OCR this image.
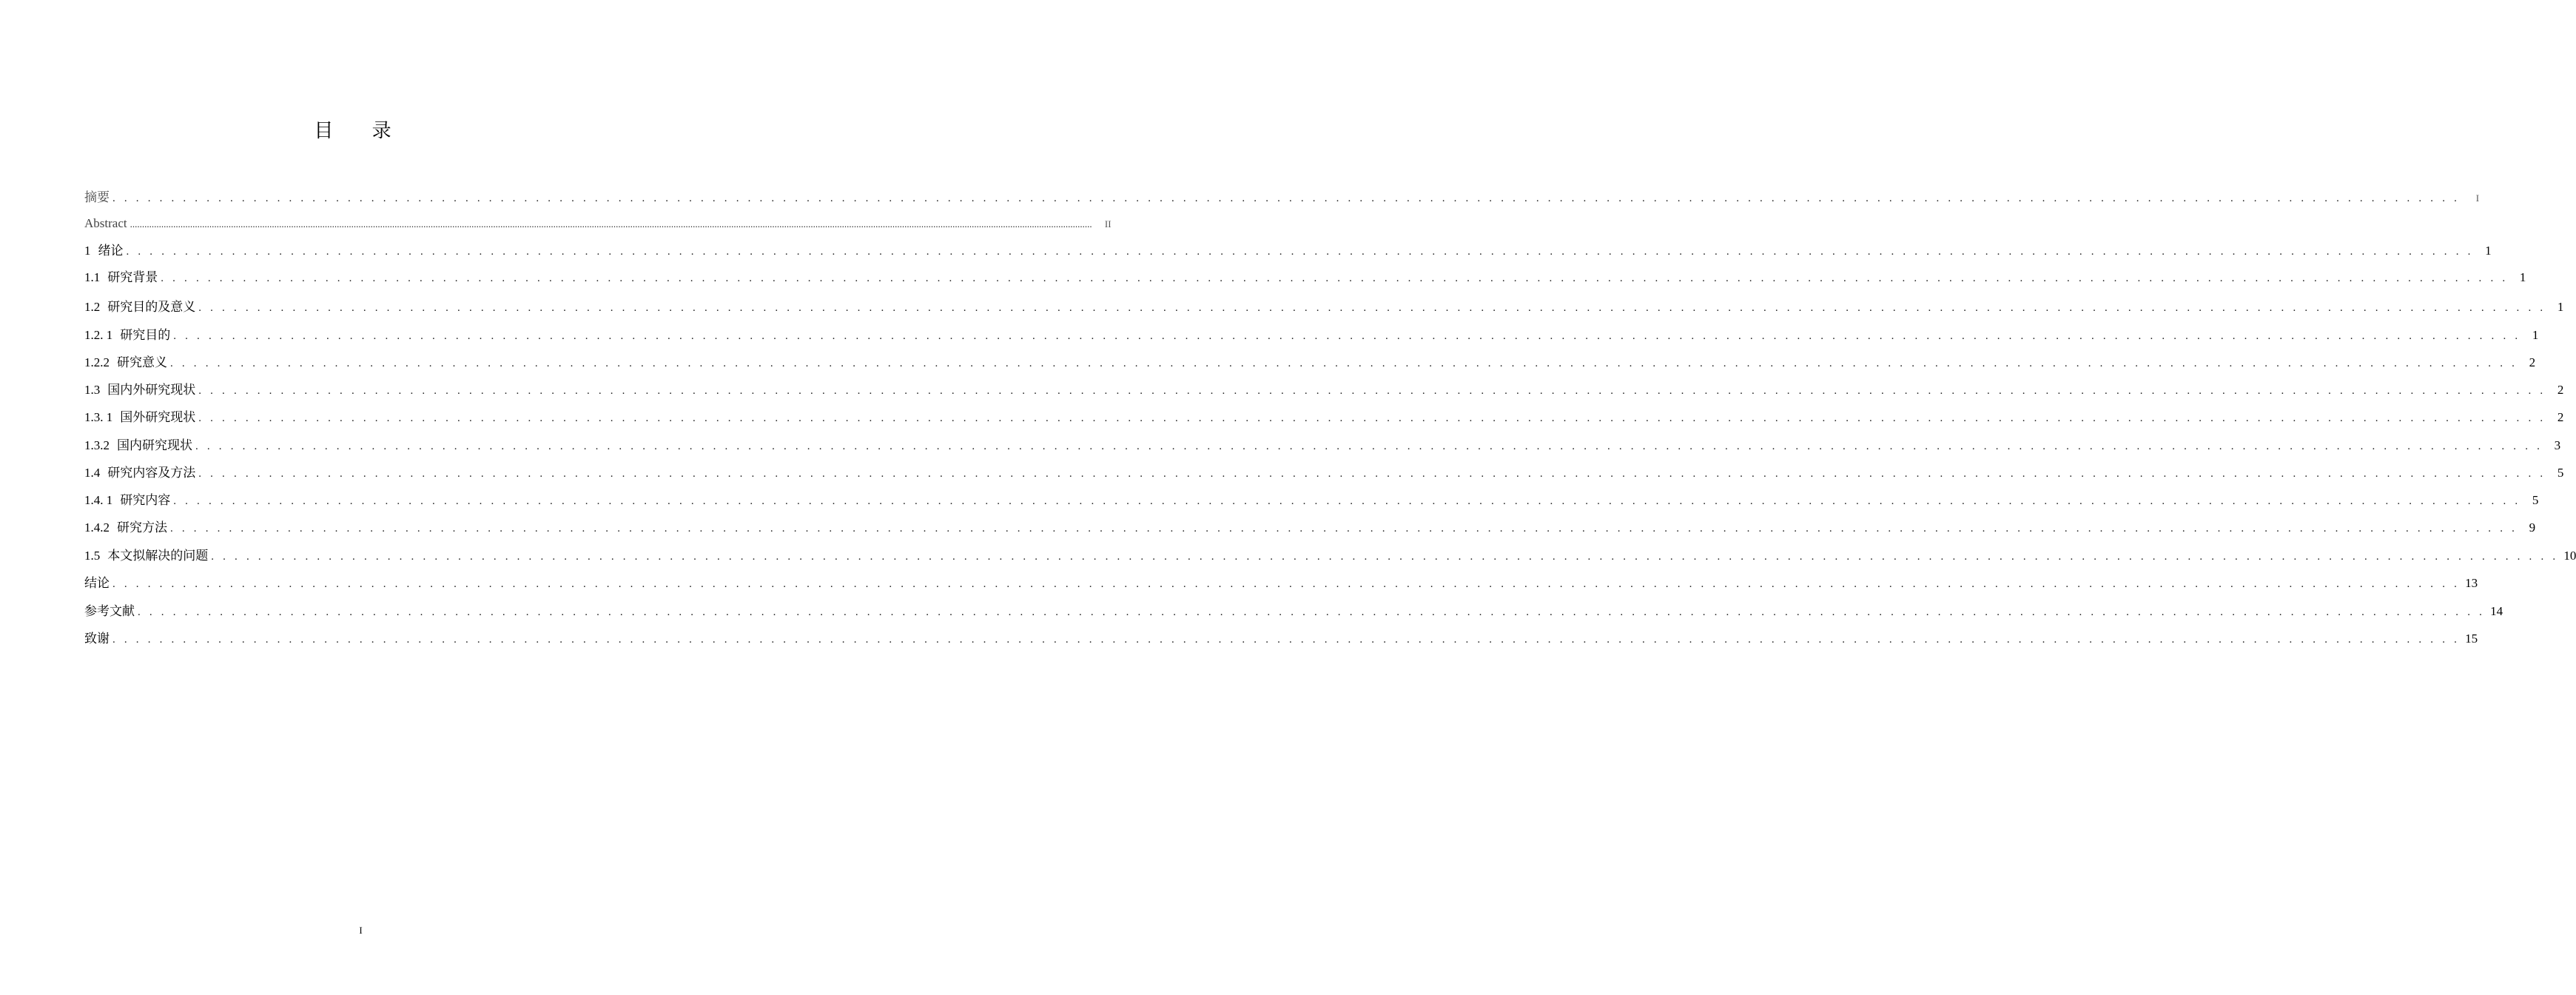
目 录
摘要 . . . . . . . . . . . . . . . . . . . . . . . . . . . . . . . . . . . . . . . . . . . . . . . . . . . . . . . . . . . . . . . . . . . . . . . . . . . . . . . . . . . . . . . . . . . . . . . . . . . . . . . . . . . . . . . . . . . . . . . . . . . . . . . . . . . . . . . . . . . . . . . . . . . . . . . . . . . . . . . . . . . . . . . . . . . . . . . . . . . . . . . . . . . . . . . . . . . . . . . .	I
Abstract ................................................................................................................................................................................................................................................................................................................................................................................................................	II
1 绪论 . . . . . . . . . . . . . . . . . . . . . . . . . . . . . . . . . . . . . . . . . . . . . . . . . . . . . . . . . . . . . . . . . . . . . . . . . . . . . . . . . . . . . . . . . . . . . . . . . . . . . . . . . . . . . . . . . . . . . . . . . . . . . . . . . . . . . . . . . . . . . . . . . . . . . . . . . . . . . . . . . . . . . . . . . . . . . . . . . . . . . . . . . . . . . . . . . . . . . . . . 1
1.1 研究背景 . . . . . . . . . . . . . . . . . . . . . . . . . . . . . . . . . . . . . . . . . . . . . . . . . . . . . . . . . . . . . . . . . . . . . . . . . . . . . . . . . . . . . . . . . . . . . . . . . . . . . . . . . . . . . . . . . . . . . . . . . . . . . . . . . . . . . . . . . . . . . . . . . . . . . . . . . . . . . . . . . . . . . . . . . . . . . . . . . . . . . . . . . . . . . . . . . . . . . . . . 1
1.2 研究目的及意义 . . . . . . . . . . . . . . . . . . . . . . . . . . . . . . . . . . . . . . . . . . . . . . . . . . . . . . . . . . . . . . . . . . . . . . . . . . . . . . . . . . . . . . . . . . . . . . . . . . . . . . . . . . . . . . . . . . . . . . . . . . . . . . . . . . . . . . . . . . . . . . . . . . . . . . . . . . . . . . . . . . . . . . . . . . . . . . . . . . . . . . . . . . . . . . . . . . . . . . . . 1
1.2. 1 研究目的 . . . . . . . . . . . . . . . . . . . . . . . . . . . . . . . . . . . . . . . . . . . . . . . . . . . . . . . . . . . . . . . . . . . . . . . . . . . . . . . . . . . . . . . . . . . . . . . . . . . . . . . . . . . . . . . . . . . . . . . . . . . . . . . . . . . . . . . . . . . . . . . . . . . . . . . . . . . . . . . . . . . . . . . . . . . . . . . . . . . . . . . . . . . . . . . . . . . . . . . . 1
1.2.2 研究意义 . . . . . . . . . . . . . . . . . . . . . . . . . . . . . . . . . . . . . . . . . . . . . . . . . . . . . . . . . . . . . . . . . . . . . . . . . . . . . . . . . . . . . . . . . . . . . . . . . . . . . . . . . . . . . . . . . . . . . . . . . . . . . . . . . . . . . . . . . . . . . . . . . . . . . . . . . . . . . . . . . . . . . . . . . . . . . . . . . . . . . . . . . . . . . . . . . . . . . . . . 2
1.3 国内外研究现状 . . . . . . . . . . . . . . . . . . . . . . . . . . . . . . . . . . . . . . . . . . . . . . . . . . . . . . . . . . . . . . . . . . . . . . . . . . . . . . . . . . . . . . . . . . . . . . . . . . . . . . . . . . . . . . . . . . . . . . . . . . . . . . . . . . . . . . . . . . . . . . . . . . . . . . . . . . . . . . . . . . . . . . . . . . . . . . . . . . . . . . . . . . . . . . . . . . . . . . . . 2
1.3. 1 国外研究现状 . . . . . . . . . . . . . . . . . . . . . . . . . . . . . . . . . . . . . . . . . . . . . . . . . . . . . . . . . . . . . . . . . . . . . . . . . . . . . . . . . . . . . . . . . . . . . . . . . . . . . . . . . . . . . . . . . . . . . . . . . . . . . . . . . . . . . . . . . . . . . . . . . . . . . . . . . . . . . . . . . . . . . . . . . . . . . . . . . . . . . . . . . . . . . . . . . . . . . . . . 2
1.3.2 国内研究现状 . . . . . . . . . . . . . . . . . . . . . . . . . . . . . . . . . . . . . . . . . . . . . . . . . . . . . . . . . . . . . . . . . . . . . . . . . . . . . . . . . . . . . . . . . . . . . . . . . . . . . . . . . . . . . . . . . . . . . . . . . . . . . . . . . . . . . . . . . . . . . . . . . . . . . . . . . . . . . . . . . . . . . . . . . . . . . . . . . . . . . . . . . . . . . . . . . . . . . . . . 3
1.4 研究内容及方法 . . . . . . . . . . . . . . . . . . . . . . . . . . . . . . . . . . . . . . . . . . . . . . . . . . . . . . . . . . . . . . . . . . . . . . . . . . . . . . . . . . . . . . . . . . . . . . . . . . . . . . . . . . . . . . . . . . . . . . . . . . . . . . . . . . . . . . . . . . . . . . . . . . . . . . . . . . . . . . . . . . . . . . . . . . . . . . . . . . . . . . . . . . . . . . . . . . . . . . . . 5
1.4. 1 研究内容 . . . . . . . . . . . . . . . . . . . . . . . . . . . . . . . . . . . . . . . . . . . . . . . . . . . . . . . . . . . . . . . . . . . . . . . . . . . . . . . . . . . . . . . . . . . . . . . . . . . . . . . . . . . . . . . . . . . . . . . . . . . . . . . . . . . . . . . . . . . . . . . . . . . . . . . . . . . . . . . . . . . . . . . . . . . . . . . . . . . . . . . . . . . . . . . . . . . . . . . . 5
1.4.2 研究方法 . . . . . . . . . . . . . . . . . . . . . . . . . . . . . . . . . . . . . . . . . . . . . . . . . . . . . . . . . . . . . . . . . . . . . . . . . . . . . . . . . . . . . . . . . . . . . . . . . . . . . . . . . . . . . . . . . . . . . . . . . . . . . . . . . . . . . . . . . . . . . . . . . . . . . . . . . . . . . . . . . . . . . . . . . . . . . . . . . . . . . . . . . . . . . . . . . . . . . . . . 9
1.5 本文拟解决的问题 . . . . . . . . . . . . . . . . . . . . . . . . . . . . . . . . . . . . . . . . . . . . . . . . . . . . . . . . . . . . . . . . . . . . . . . . . . . . . . . . . . . . . . . . . . . . . . . . . . . . . . . . . . . . . . . . . . . . . . . . . . . . . . . . . . . . . . . . . . . . . . . . . . . . . . . . . . . . . . . . . . . . . . . . . . . . . . . . . . . . . . . . . . . . . . . . . . . . . . . . 10
结论 . . . . . . . . . . . . . . . . . . . . . . . . . . . . . . . . . . . . . . . . . . . . . . . . . . . . . . . . . . . . . . . . . . . . . . . . . . . . . . . . . . . . . . . . . . . . . . . . . . . . . . . . . . . . . . . . . . . . . . . . . . . . . . . . . . . . . . . . . . . . . . . . . . . . . . . . . . . . . . . . . . . . . . . . . . . . . . . . . . . . . . . . . . . . . . . . . . . . . . . . 13
参考文献 . . . . . . . . . . . . . . . . . . . . . . . . . . . . . . . . . . . . . . . . . . . . . . . . . . . . . . . . . . . . . . . . . . . . . . . . . . . . . . . . . . . . . . . . . . . . . . . . . . . . . . . . . . . . . . . . . . . . . . . . . . . . . . . . . . . . . . . . . . . . . . . . . . . . . . . . . . . . . . . . . . . . . . . . . . . . . . . . . . . . . . . . . . . . . . . . . . . . . . . . 14
致谢 . . . . . . . . . . . . . . . . . . . . . . . . . . . . . . . . . . . . . . . . . . . . . . . . . . . . . . . . . . . . . . . . . . . . . . . . . . . . . . . . . . . . . . . . . . . . . . . . . . . . . . . . . . . . . . . . . . . . . . . . . . . . . . . . . . . . . . . . . . . . . . . . . . . . . . . . . . . . . . . . . . . . . . . . . . . . . . . . . . . . . . . . . . . . . . . . . . . . . . . . 15
I
